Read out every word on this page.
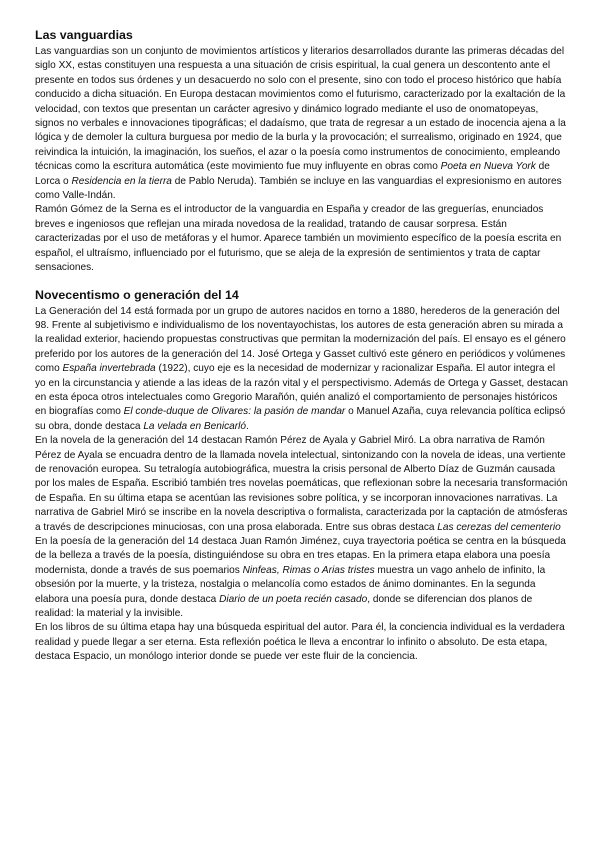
Las vanguardias

Las vanguardias son un conjunto de movimientos artísticos y literarios desarrollados durante las primeras décadas del siglo XX, estas constituyen una respuesta a una situación de crisis espiritual, la cual genera un descontento ante el presente en todos sus órdenes y un desacuerdo no solo con el presente, sino con todo el proceso histórico que había conducido a dicha situación. En Europa destacan movimientos como el futurismo, caracterizado por la exaltación de la velocidad, con textos que presentan un carácter agresivo y dinámico logrado mediante el uso de onomatopeyas, signos no verbales e innovaciones tipográficas; el dadaísmo, que trata de regresar a un estado de inocencia ajena a la lógica y de demoler la cultura burguesa por medio de la burla y la provocación; el surrealismo, originado en 1924, que reivindica la intuición, la imaginación, los sueños, el azar o la poesía como instrumentos de conocimiento, empleando técnicas como la escritura automática (este movimiento fue muy influyente en obras como Poeta en Nueva York de Lorca o Residencia en la tierra de Pablo Neruda). También se incluye en las vanguardias el expresionismo en autores como Valle-Indán.

Ramón Gómez de la Serna es el introductor de la vanguardia en España y creador de las greguerías, enunciados breves e ingeniosos que reflejan una mirada novedosa de la realidad, tratando de causar sorpresa. Están caracterizadas por el uso de metáforas y el humor. Aparece también un movimiento específico de la poesía escrita en español, el ultraísmo, influenciado por el futurismo, que se aleja de la expresión de sentimientos y trata de captar sensaciones.

Novecentismo o generación del 14

La Generación del 14 está formada por un grupo de autores nacidos en torno a 1880, herederos de la generación del 98. Frente al subjetivismo e individualismo de los noventayochistas, los autores de esta generación abren su mirada a la realidad exterior, haciendo propuestas constructivas que permitan la modernización del país. El ensayo es el género preferido por los autores de la generación del 14. José Ortega y Gasset cultivó este género en periódicos y volúmenes como España invertebrada (1922), cuyo eje es la necesidad de modernizar y racionalizar España. El autor integra el yo en la circunstancia y atiende a las ideas de la razón vital y el perspectivismo. Además de Ortega y Gasset, destacan en esta época otros intelectuales como Gregorio Marañón, quién analizó el comportamiento de personajes históricos en biografías como El conde-duque de Olivares: la pasión de mandar o Manuel Azaña, cuya relevancia política eclipsó su obra, donde destaca La velada en Benicarló.

En la novela de la generación del 14 destacan Ramón Pérez de Ayala y Gabriel Miró. La obra narrativa de Ramón Pérez de Ayala se encuadra dentro de la llamada novela intelectual, sintonizando con la novela de ideas, una vertiente de renovación europea. Su tetralogía autobiográfica, muestra la crisis personal de Alberto Díaz de Guzmán causada por los males de España. Escribió también tres novelas poemáticas, que reflexionan sobre la necesaria transformación de España. En su última etapa se acentúan las revisiones sobre política, y se incorporan innovaciones narrativas. La narrativa de Gabriel Miró se inscribe en la novela descriptiva o formalista, caracterizada por la captación de atmósferas a través de descripciones minuciosas, con una prosa elaborada. Entre sus obras destaca Las cerezas del cementerio

En la poesía de la generación del 14 destaca Juan Ramón Jiménez, cuya trayectoria poética se centra en la búsqueda de la belleza a través de la poesía, distinguiéndose su obra en tres etapas. En la primera etapa elabora una poesía modernista, donde a través de sus poemarios Ninfeas, Rimas o Arias tristes muestra un vago anhelo de infinito, la obsesión por la muerte, y la tristeza, nostalgia o melancolía como estados de ánimo dominantes. En la segunda elabora una poesía pura, donde destaca Diario de un poeta recién casado, donde se diferencian dos planos de realidad: la material y la invisible.

En los libros de su última etapa hay una búsqueda espiritual del autor. Para él, la conciencia individual es la verdadera realidad y puede llegar a ser eterna. Esta reflexión poética le lleva a encontrar lo infinito o absoluto. De esta etapa, destaca Espacio, un monólogo interior donde se puede ver este fluir de la conciencia.
